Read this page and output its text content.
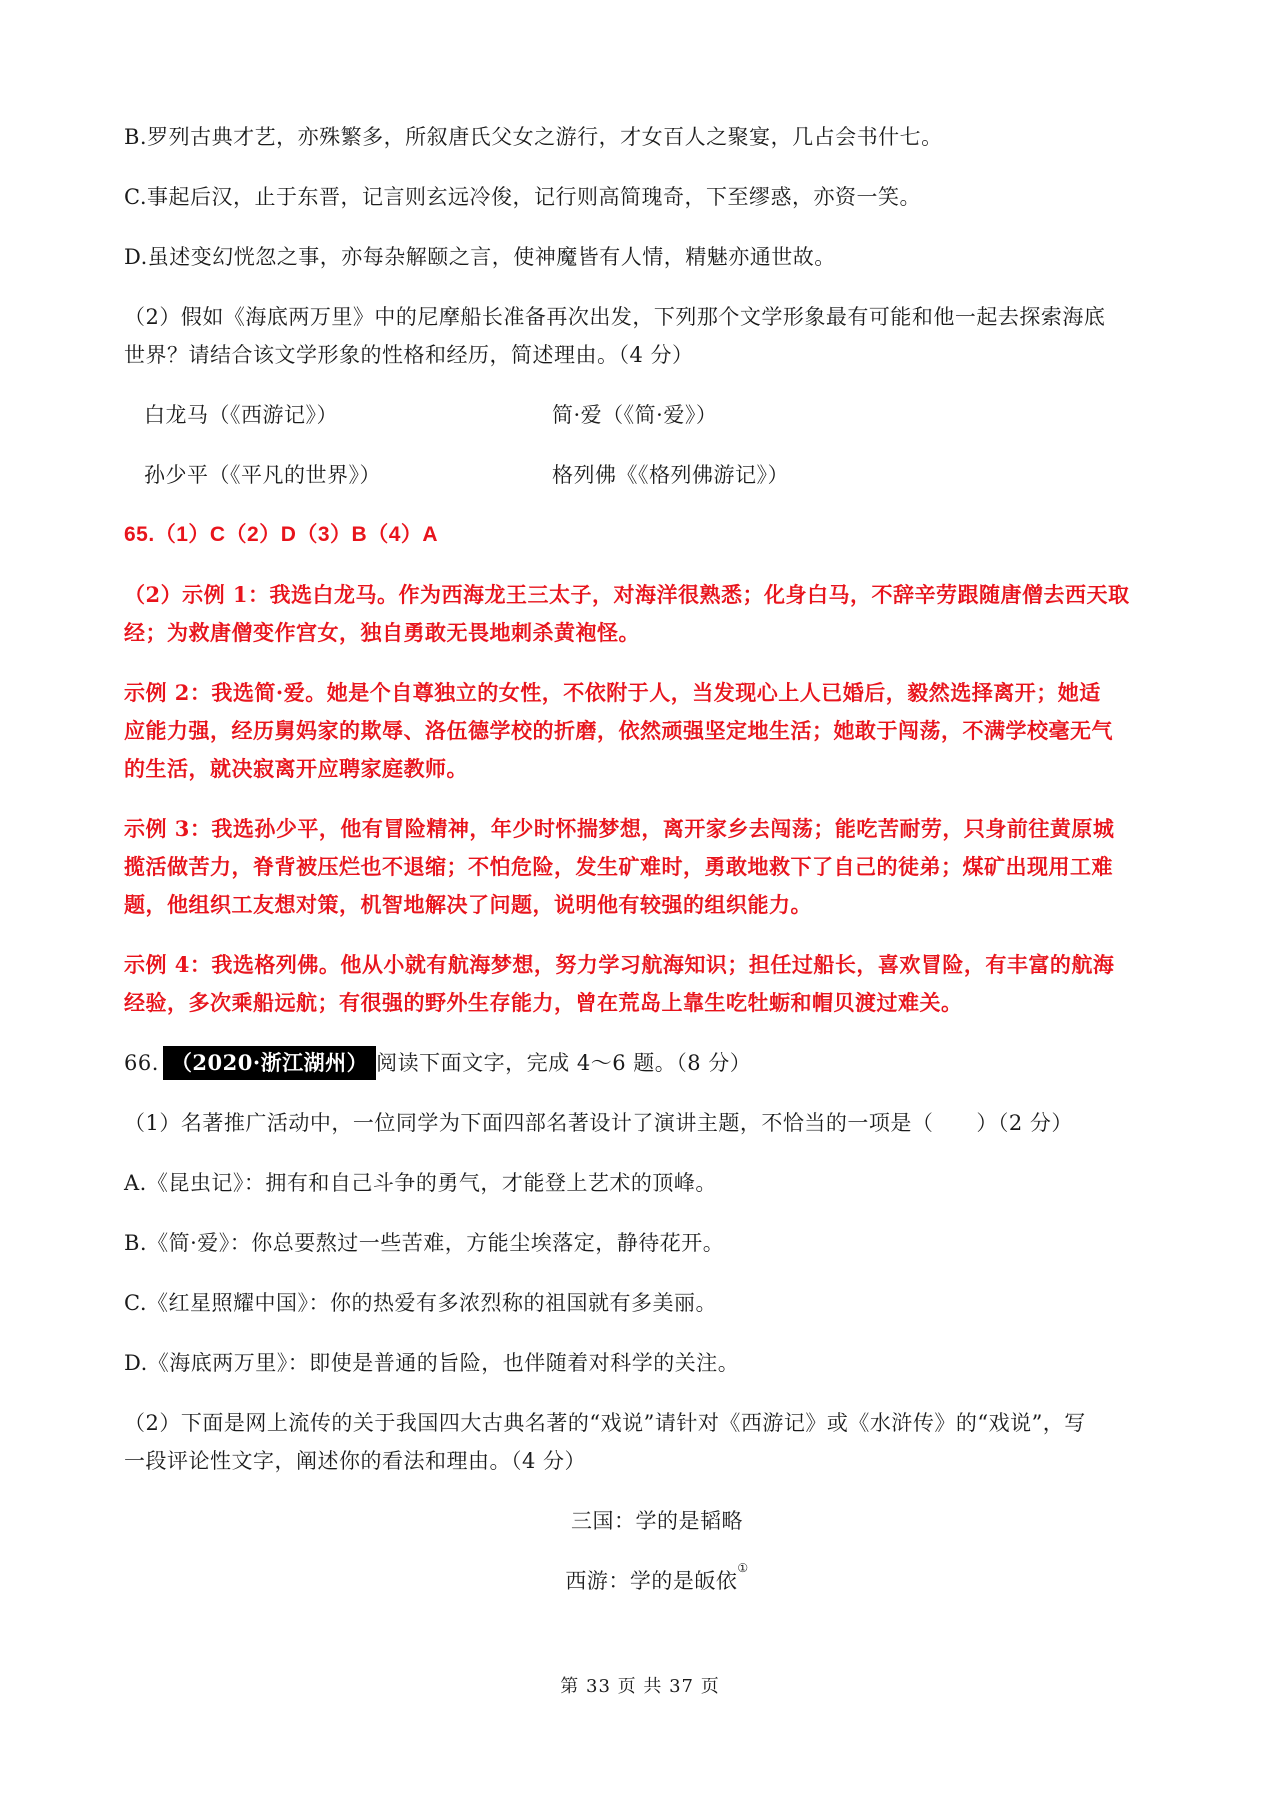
B.罗列古典才艺，亦殊繁多，所叙唐氏父女之游行，才女百人之聚宴，几占会书什七。
C.事起后汉，止于东晋，记言则玄远冷俊，记行则高简瑰奇，下至缪惑，亦资一笑。
D.虽述变幻恍忽之事，亦每杂解颐之言，使神魔皆有人情，精魅亦通世故。
（2）假如《海底两万里》中的尼摩船长准备再次出发，下列那个文学形象最有可能和他一起去探索海底
世界？请结合该文学形象的性格和经历，简述理由。（4 分）
白龙马（《西游记》）	简·爱（《简·爱》）
孙少平（《平凡的世界》）	格列佛《《格列佛游记》）
65.（1）C（2）D（3）B（4）A
（2）示例 1：我选白龙马。作为西海龙王三太子，对海洋很熟悉；化身白马，不辞辛劳跟随唐僧去西天取
经；为救唐僧变作宫女，独自勇敢无畏地刺杀黄袍怪。
示例 2：我选简·爱。她是个自尊独立的女性，不依附于人，当发现心上人已婚后，毅然选择离开；她适
应能力强，经历舅妈家的欺辱、洛伍德学校的折磨，依然顽强坚定地生活；她敢于闯荡，不满学校毫无气
的生活，就决寂离开应聘家庭教师。
示例 3：我选孙少平，他有冒险精神，年少时怀揣梦想，离开家乡去闯荡；能吃苦耐劳，只身前往黄原城
揽活做苦力，脊背被压烂也不退缩；不怕危险，发生矿难时，勇敢地救下了自己的徒弟；煤矿出现用工难
题，他组织工友想对策，机智地解决了问题，说明他有较强的组织能力。
示例 4：我选格列佛。他从小就有航海梦想，努力学习航海知识；担任过船长，喜欢冒险，有丰富的航海
经验，多次乘船远航；有很强的野外生存能力，曾在荒岛上靠生吃牡蛎和帽贝渡过难关。
66. （2020·浙江湖州） 阅读下面文字，完成 4～6 题。（8 分）
（1）名著推广活动中，一位同学为下面四部名著设计了演讲主题，不恰当的一项是（　　）（2 分）
A.《昆虫记》：拥有和自己斗争的勇气，才能登上艺术的顶峰。
B.《简·爱》：你总要熬过一些苦难，方能尘埃落定，静待花开。
C.《红星照耀中国》：你的热爱有多浓烈称的祖国就有多美丽。
D.《海底两万里》：即使是普通的旨险，也伴随着对科学的关注。
（2）下面是网上流传的关于我国四大古典名著的“戏说”请针对《西游记》或《水浒传》的“戏说”，写
一段评论性文字，阐述你的看法和理由。（4 分）
三国：学的是韬略
西游：学的是皈依①
第 33 页 共 37 页
